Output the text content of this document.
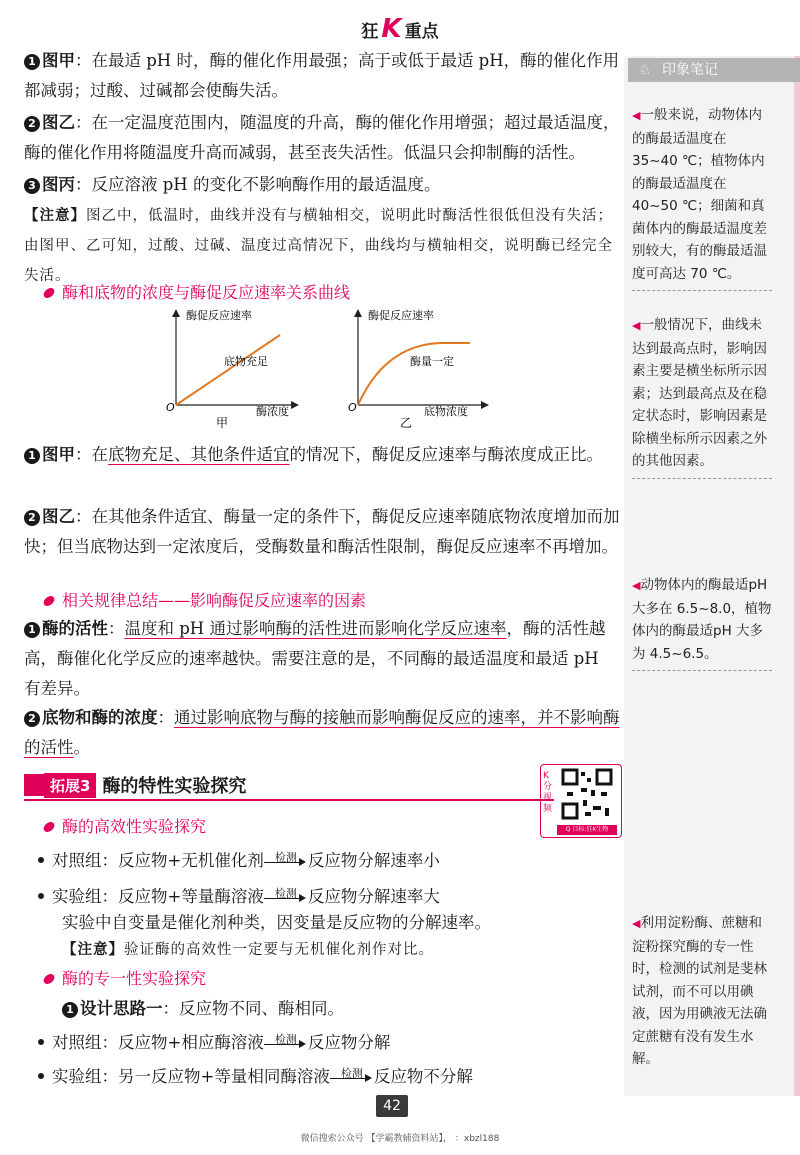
狂 K 重点
♘ 印象笔记
◀一般来说，动物体内的酶最适温度在35~40 ℃；植物体内的酶最适温度在40~50 ℃；细菌和真菌体内的酶最适温度差别较大，有的酶最适温度可高达 70 ℃。
◀一般情况下，曲线未达到最高点时，影响因素主要是横坐标所示因素；达到最高点及在稳定状态时，影响因素是除横坐标所示因素之外的其他因素。
◀动物体内的酶最适pH 大多在 6.5~8.0，植物体内的酶最适pH 大多为 4.5~6.5。
◀利用淀粉酶、蔗糖和淀粉探究酶的专一性时，检测的试剂是斐林试剂，而不可以用碘液，因为用碘液无法确定蔗糖有没有发生水解。
1 图甲：在最适 pH 时，酶的催化作用最强；高于或低于最适 pH，酶的催化作用都减弱；过酸、过碱都会使酶失活。
2 图乙：在一定温度范围内，随温度的升高，酶的催化作用增强；超过最适温度，酶的催化作用将随温度升高而减弱，甚至丧失活性。低温只会抑制酶的活性。
3 图丙：反应溶液 pH 的变化不影响酶作用的最适温度。
【注意】图乙中，低温时，曲线并没有与横轴相交，说明此时酶活性很低但没有失活；由图甲、乙可知，过酸、过碱、温度过高情况下，曲线均与横轴相交，说明酶已经完全失活。
酶和底物的浓度与酶促反应速率关系曲线
酶促反应速率
底物充足
O	酶浓度
甲
酶促反应速率
酶量一定
O	底物浓度
乙
1 图甲：在底物充足、其他条件适宜的情况下，酶促反应速率与酶浓度成正比。
2 图乙：在其他条件适宜、酶量一定的条件下，酶促反应速率随底物浓度增加而加快；但当底物达到一定浓度后，受酶数量和酶活性限制，酶促反应速率不再增加。
相关规律总结——影响酶促反应速率的因素
1 酶的活性：温度和 pH 通过影响酶的活性进而影响化学反应速率，酶的活性越高，酶催化化学反应的速率越快。需要注意的是，不同酶的最适温度和最适 pH 有差异。
2 底物和酶的浓度：通过影响底物与酶的接触而影响酶促反应的速率，并不影响酶的活性。
拓展3 酶的特性实验探究	K分视频
Q 目标:狂K生物
酶的高效性实验探究
对照组：反应物+无机催化剂	检测 反应物分解速率小
实验组：反应物+等量酶溶液	检测 反应物分解速率大
实验中自变量是催化剂种类，因变量是反应物的分解速率。
【注意】验证酶的高效性一定要与无机催化剂作对比。
酶的专一性实验探究
1 设计思路一：反应物不同、酶相同。
对照组：反应物+相应酶溶液	检测 反应物分解
实验组：另一反应物+等量相同酶溶液	检测 反应物不分解
42
微信搜索公众号 【学霸教辅资料站】， ：xbzl188
